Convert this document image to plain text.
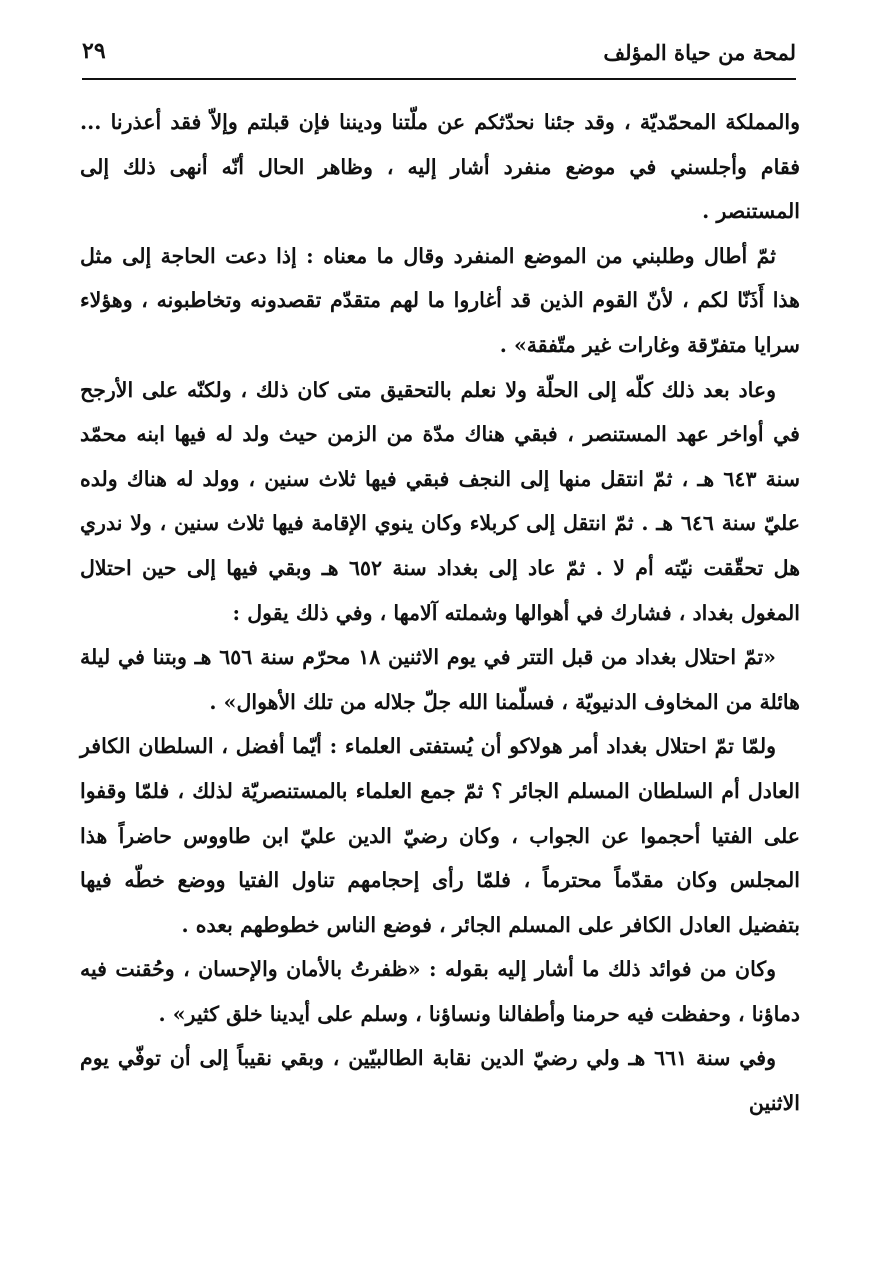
لمحة من حياة المؤلف
٢٩

والمملكة المحمّديّة ، وقد جئنا نحدّثكم عن ملّتنا وديننا فإن قبلتم وإلاّ فقد أعذرنا ... فقام وأجلسني في موضع منفرد أشار إليه ، وظاهر الحال أنّه أنهى ذلك إلى المستنصر .

ثمّ أطال وطلبني من الموضع المنفرد وقال ما معناه : إذا دعت الحاجة إلى مثل هذا أَذَنّا لكم ، لأنّ القوم الذين قد أغاروا ما لهم متقدّم تقصدونه وتخاطبونه ، وهؤلاء سرايا متفرّقة وغارات غير متّفقة» .

وعاد بعد ذلك كلّه إلى الحلّة ولا نعلم بالتحقيق متى كان ذلك ، ولكنّه على الأرجح في أواخر عهد المستنصر ، فبقي هناك مدّة من الزمن حيث ولد له فيها ابنه محمّد سنة ٦٤٣ هـ ، ثمّ انتقل منها إلى النجف فبقي فيها ثلاث سنين ، وولد له هناك ولده عليّ سنة ٦٤٦ هـ . ثمّ انتقل إلى كربلاء وكان ينوي الإقامة فيها ثلاث سنين ، ولا ندري هل تحقّقت نيّته أم لا . ثمّ عاد إلى بغداد سنة ٦٥٢ هـ وبقي فيها إلى حين احتلال المغول بغداد ، فشارك في أهوالها وشملته آلامها ، وفي ذلك يقول :

«تمّ احتلال بغداد من قبل التتر في يوم الاثنين ١٨ محرّم سنة ٦٥٦ هـ وبتنا في ليلة هائلة من المخاوف الدنيويّة ، فسلّمنا الله جلّ جلاله من تلك الأهوال» .

ولمّا تمّ احتلال بغداد أمر هولاكو أن يُستفتى العلماء : أيّما أفضل ، السلطان الكافر العادل أم السلطان المسلم الجائر ؟ ثمّ جمع العلماء بالمستنصريّة لذلك ، فلمّا وقفوا على الفتيا أحجموا عن الجواب ، وكان رضيّ الدين عليّ ابن طاووس حاضراً هذا المجلس وكان مقدّماً محترماً ، فلمّا رأى إحجامهم تناول الفتيا ووضع خطّه فيها بتفضيل العادل الكافر على المسلم الجائر ، فوضع الناس خطوطهم بعده .

وكان من فوائد ذلك ما أشار إليه بقوله : «ظفرتُ بالأمان والإحسان ، وحُقنت فيه دماؤنا ، وحفظت فيه حرمنا وأطفالنا ونساؤنا ، وسلم على أيدينا خلق كثير» .

وفي سنة ٦٦١ هـ ولي رضيّ الدين نقابة الطالبيّين ، وبقي نقيباً إلى أن توفّي يوم الاثنين
